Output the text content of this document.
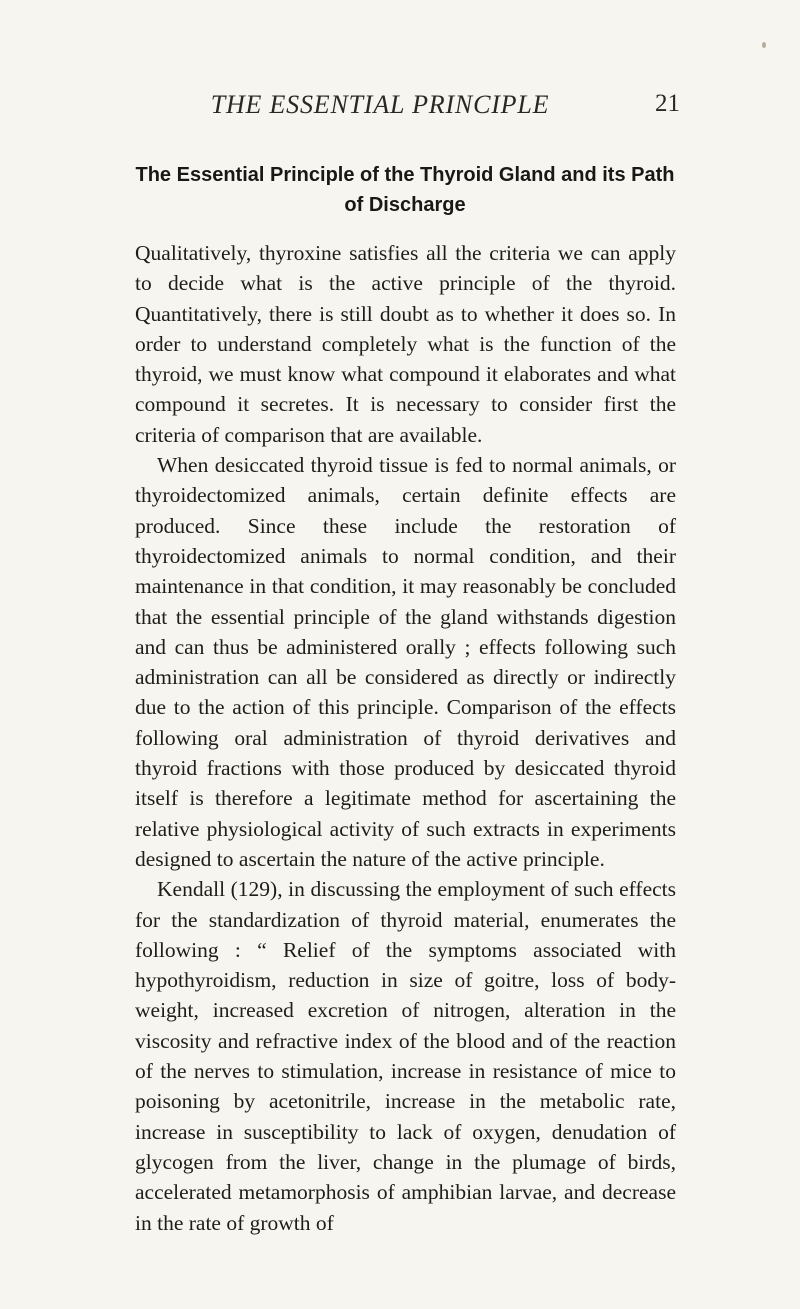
THE ESSENTIAL PRINCIPLE	21
The Essential Principle of the Thyroid Gland and its Path of Discharge

Qualitatively, thyroxine satisfies all the criteria we can apply to decide what is the active principle of the thyroid. Quantitatively, there is still doubt as to whether it does so. In order to understand completely what is the function of the thyroid, we must know what compound it elaborates and what compound it secretes. It is necessary to consider first the criteria of comparison that are available.

When desiccated thyroid tissue is fed to normal animals, or thyroidectomized animals, certain definite effects are produced. Since these include the restoration of thyroidectomized animals to normal condition, and their maintenance in that condition, it may reasonably be concluded that the essential principle of the gland withstands digestion and can thus be administered orally ; effects following such administration can all be considered as directly or indirectly due to the action of this principle. Comparison of the effects following oral administration of thyroid derivatives and thyroid fractions with those produced by desiccated thyroid itself is therefore a legitimate method for ascertaining the relative physiological activity of such extracts in experiments designed to ascertain the nature of the active principle.

Kendall (129), in discussing the employment of such effects for the standardization of thyroid material, enumerates the following : “ Relief of the symptoms associated with hypothyroidism, reduction in size of goitre, loss of body-weight, increased excretion of nitrogen, alteration in the viscosity and refractive index of the blood and of the reaction of the nerves to stimulation, increase in resistance of mice to poisoning by acetonitrile, increase in the metabolic rate, increase in susceptibility to lack of oxygen, denudation of glycogen from the liver, change in the plumage of birds, accelerated metamorphosis of amphibian larvae, and decrease in the rate of growth of
